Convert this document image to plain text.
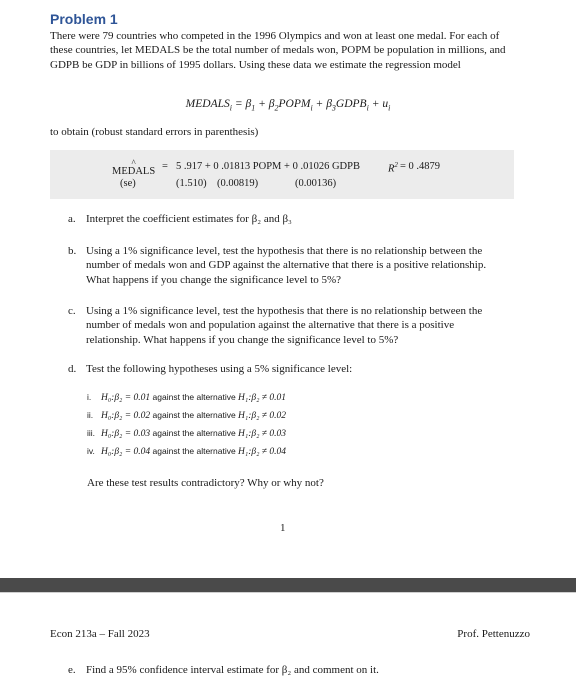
Problem 1
There were 79 countries who competed in the 1996 Olympics and won at least one medal. For each of these countries, let MEDALS be the total number of medals won, POPM be population in millions, and GDPB be GDP in billions of 1995 dollars. Using these data we estimate the regression model
$MEDALS_i = \beta_1$ + $\beta_2POPM_i$ + $\beta_3GDPB_i + u_i$
to obtain (robust standard errors in parenthesis)
^ MEDALS = 5 .917 + 0 .01813 POPM + 0 .01026 GDPB	$R^2 = 0$ .4879
(se)	(1.510) (0.00819)	(0.00136)
a. Interpret the coefficient estimates for β₂ and β₃
b. Using a 1% significance level, test the hypothesis that there is no relationship between the number of medals won and GDP against the alternative that there is a positive relationship. What happens if you change the significance level to 5%?
c. Using a 1% significance level, test the hypothesis that there is no relationship between the number of medals won and population against the alternative that there is a positive relationship. What happens if you change the significance level to 5%?
d. Test the following hypotheses using a 5% significance level:
i. H₀:β₂ = 0.01 against the alternative H₁:β₂ ≠ 0.01
ii. H₀:β₂ = 0.02 against the alternative H₁:β₂ ≠ 0.02
iii. H₀:β₂ = 0.03 against the alternative H₁:β₂ ≠ 0.03
iv. H₀:β₂ = 0.04 against the alternative H₁:β₂ ≠ 0.04
Are these test results contradictory? Why or why not?
1
Econ 213a – Fall 2023	Prof. Pettenuzzo
e. Find a 95% confidence interval estimate for β₂ and comment on it.
